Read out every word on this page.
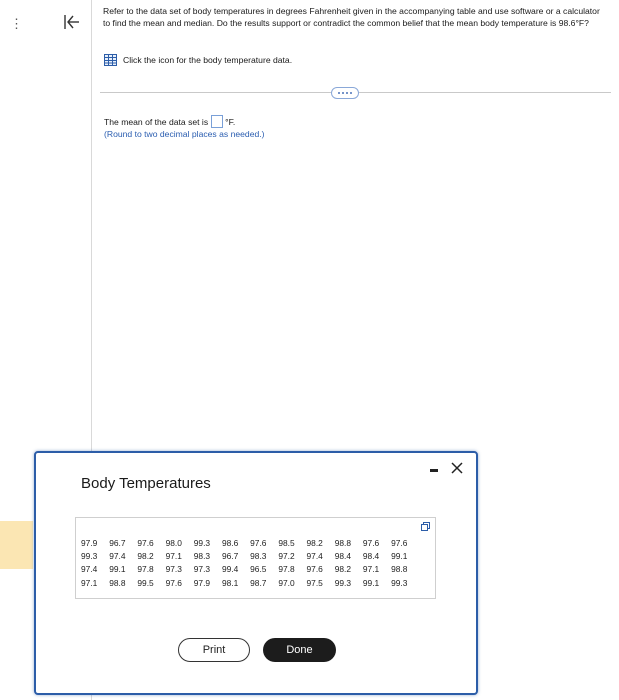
⋮
Refer to the data set of body temperatures in degrees Fahrenheit given in the accompanying table and use software or a calculator to find the mean and median. Do the results support or contradict the common belief that the mean body temperature is 98.6°F?
Click the icon for the body temperature data.
The mean of the data set is °F.
(Round to two decimal places as needed.)
Body Temperatures
97.9	96.7	97.6	98.0	99.3	98.6	97.6	98.5	98.2	98.8	97.6	97.6
99.3	97.4	98.2	97.1	98.3	96.7	98.3	97.2	97.4	98.4	98.4	99.1
97.4	99.1	97.8	97.3	97.3	99.4	96.5	97.8	97.6	98.2	97.1	98.8
97.1	98.8	99.5	97.6	97.9	98.1	98.7	97.0	97.5	99.3	99.1	99.3
Print	Done
